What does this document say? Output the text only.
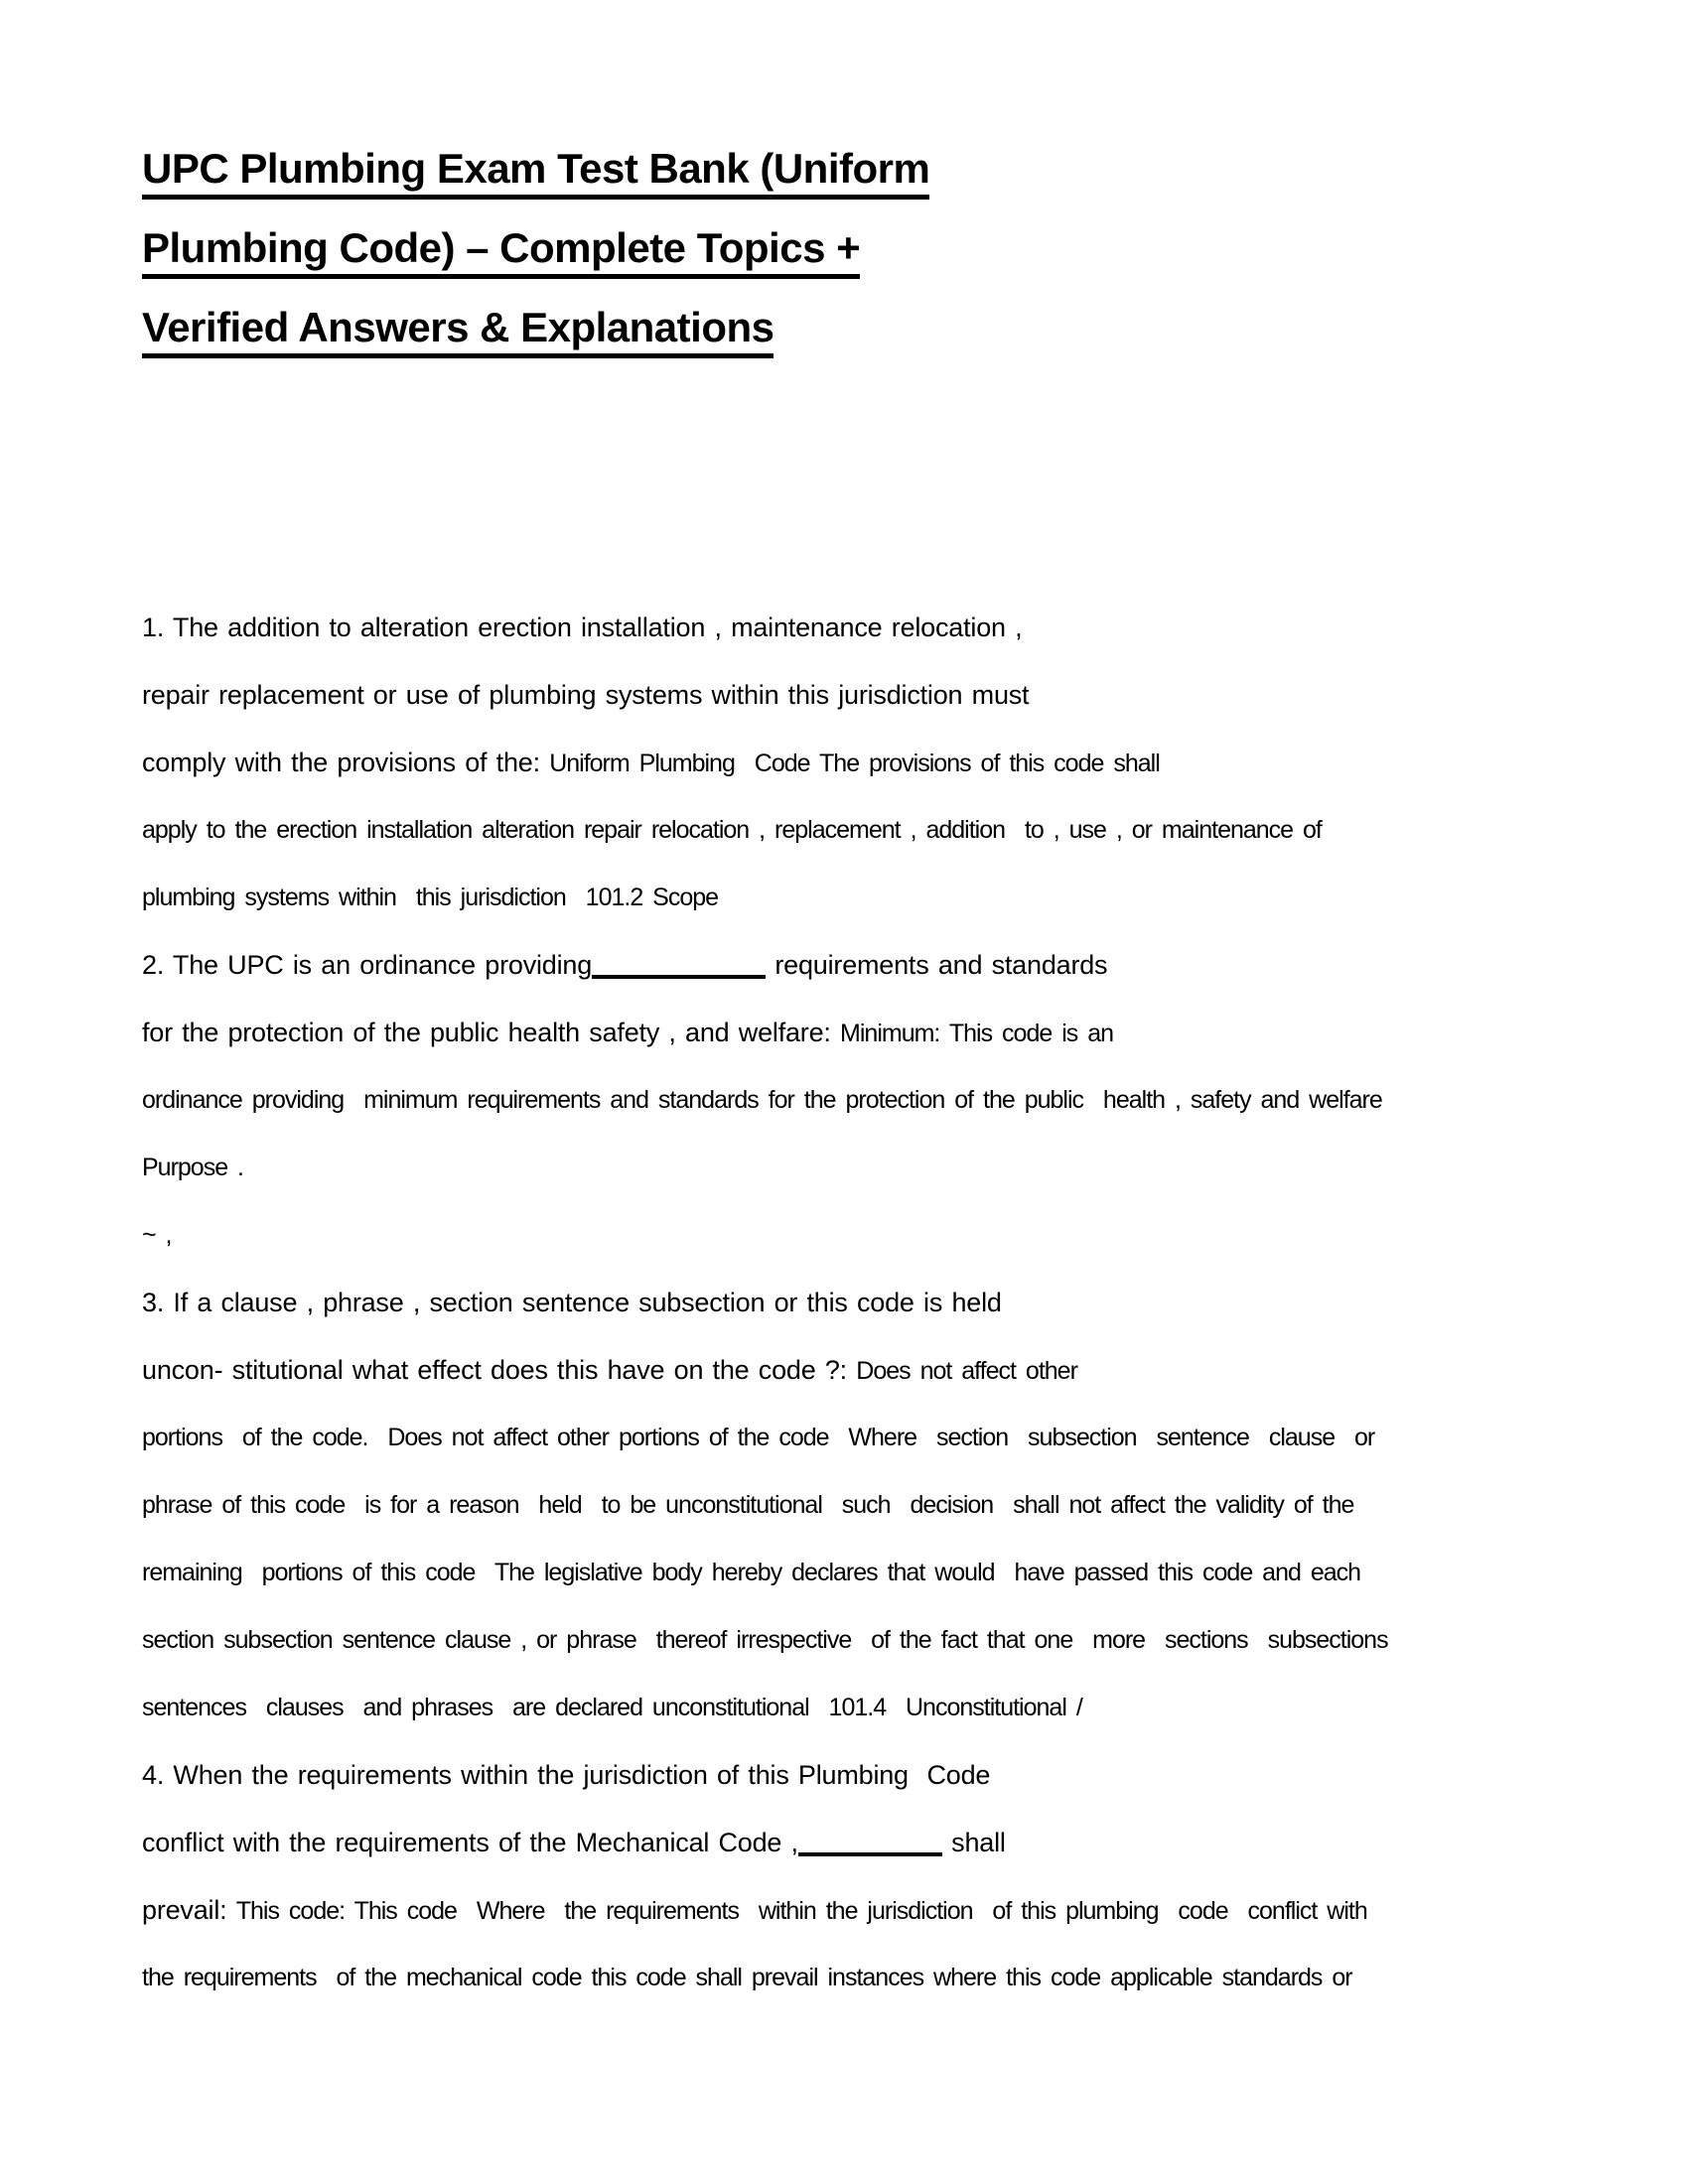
UPC Plumbing Exam Test Bank (Uniform
Plumbing Code) – Complete Topics +
Verified Answers & Explanations
1. The addition to alteration erection installation , maintenance relocation ,
repair replacement or use of plumbing systems within this jurisdiction must
comply with the provisions of the: Uniform Plumbing  Code The provisions of this code shall
apply to the erection installation alteration repair relocation , replacement , addition  to , use , or maintenance of
plumbing systems within  this jurisdiction  101.2 Scope
2. The UPC is an ordinance providing	requirements and standards
for the protection of the public health safety , and welfare: Minimum: This code is an
ordinance providing  minimum requirements and standards for the protection of the public  health , safety and welfare
Purpose .
~ ,
3. If a clause , phrase , section sentence subsection or this code is held
uncon- stitutional what effect does this have on the code ?: Does not affect other
portions  of the code.  Does not affect other portions of the code  Where  section  subsection  sentence  clause  or
phrase of this code  is for a reason  held  to be unconstitutional  such  decision  shall not affect the validity of the
remaining  portions of this code  The legislative body hereby declares that would  have passed this code and each
section subsection sentence clause , or phrase  thereof irrespective  of the fact that one  more  sections  subsections
sentences  clauses  and phrases  are declared unconstitutional  101.4  Unconstitutional /
4. When the requirements within the jurisdiction of this Plumbing  Code
conflict with the requirements of the Mechanical Code ,	shall
prevail: This code: This code  Where  the requirements  within the jurisdiction  of this plumbing  code  conflict with
the requirements  of the mechanical code this code shall prevail instances where this code applicable standards or
